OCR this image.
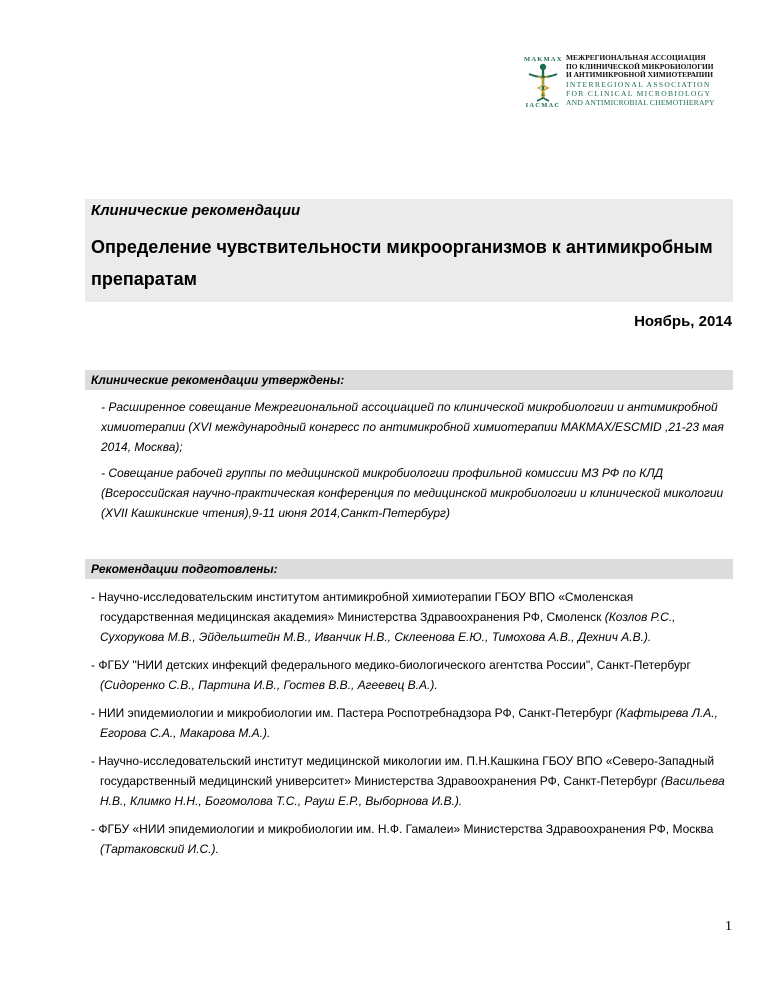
MAKMAX
IACMAC
МЕЖРЕГИОНАЛЬНАЯ АССОЦИАЦИЯ
ПО КЛИНИЧЕСКОЙ МИКРОБИОЛОГИИ
И АНТИМИКРОБНОЙ ХИМИОТЕРАПИИ
INTERREGIONAL ASSOCIATION
FOR CLINICAL MICROBIOLOGY
AND ANTIMICROBIAL CHEMOTHERAPY
Клинические рекомендации
Определение чувствительности микроорганизмов к антимикробным препаратам
Ноябрь, 2014
Клинические рекомендации утверждены:
- Расширенное совещание Межрегиональной ассоциацией по клинической микробиологии и антимикробной химиотерапии (XVI международный конгресс по антимикробной химиотерапии МАКМАХ/ESCMID ,21-23 мая 2014, Москва);
- Совещание рабочей группы по медицинской микробиологии профильной комиссии МЗ РФ по КЛД (Всероссийская научно-практическая конференция по медицинской микробиологии и клинической микологии (XVII Кашкинские чтения),9-11 июня 2014,Санкт-Петербург)
Рекомендации подготовлены:
- Научно-исследовательским институтом антимикробной химиотерапии ГБОУ ВПО «Смоленская государственная медицинская академия» Министерства Здравоохранения РФ, Смоленск (Козлов Р.С., Сухорукова М.В., Эйдельштейн М.В., Иванчик Н.В., Склеенова Е.Ю., Тимохова А.В., Дехнич А.В.).
- ФГБУ "НИИ детских инфекций федерального медико-биологического агентства России", Санкт-Петербург (Сидоренко С.В., Партина И.В., Гостев В.В., Агеевец В.А.).
- НИИ эпидемиологии и микробиологии им. Пастера Роспотребнадзора РФ, Санкт-Петербург (Кафтырева Л.А., Егорова С.А., Макарова М.А.).
- Научно-исследовательский институт медицинской микологии им. П.Н.Кашкина ГБОУ ВПО «Северо-Западный государственный медицинский университет» Министерства Здравоохранения РФ, Санкт-Петербург (Васильева Н.В., Климко Н.Н., Богомолова Т.С., Рауш Е.Р., Выборнова И.В.).
- ФГБУ «НИИ эпидемиологии и микробиологии им. Н.Ф. Гамалеи» Министерства Здравоохранения РФ, Москва (Тартаковский И.С.).
1
